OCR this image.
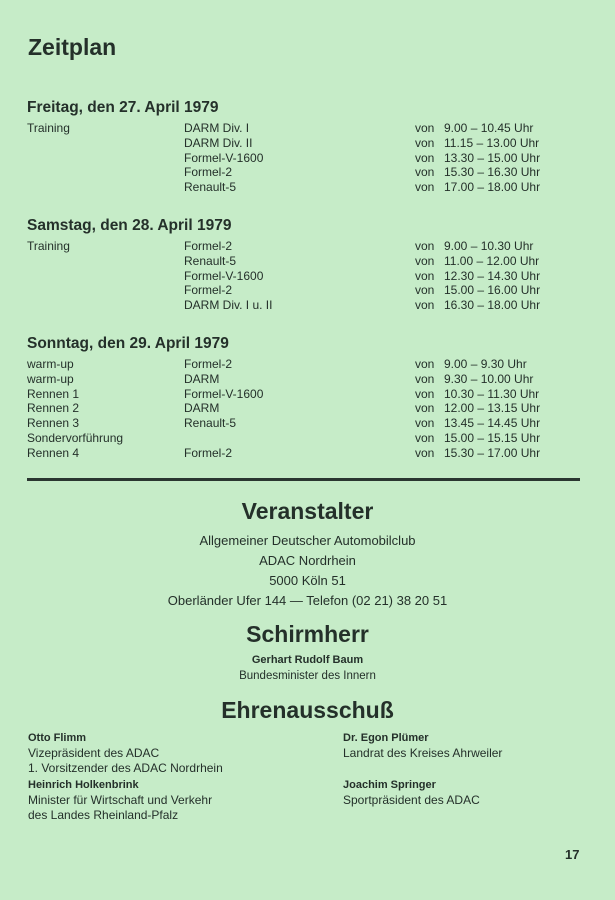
Zeitplan
Freitag, den 27. April 1979
Training	DARM Div. I	von 9.00 – 10.45 Uhr
DARM Div. II	von 11.15 – 13.00 Uhr
Formel-V-1600	von 13.30 – 15.00 Uhr
Formel-2	von 15.30 – 16.30 Uhr
Renault-5	von 17.00 – 18.00 Uhr
Samstag, den 28. April 1979
Training	Formel-2	von 9.00 – 10.30 Uhr
Renault-5	von 11.00 – 12.00 Uhr
Formel-V-1600	von 12.30 – 14.30 Uhr
Formel-2	von 15.00 – 16.00 Uhr
DARM Div. I u. II	von 16.30 – 18.00 Uhr
Sonntag, den 29. April 1979
warm-up	Formel-2	von 9.00 – 9.30 Uhr
warm-up	DARM	von 9.30 – 10.00 Uhr
Rennen 1	Formel-V-1600	von 10.30 – 11.30 Uhr
Rennen 2	DARM	von 12.00 – 13.15 Uhr
Rennen 3	Renault-5	von 13.45 – 14.45 Uhr
Sondervorführung	von 15.00 – 15.15 Uhr
Rennen 4	Formel-2	von 15.30 – 17.00 Uhr
Veranstalter
Allgemeiner Deutscher Automobilclub
ADAC Nordrhein
5000 Köln 51
Oberländer Ufer 144 — Telefon (02 21) 38 20 51
Schirmherr
Gerhart Rudolf Baum
Bundesminister des Innern
Ehrenausschuß
Otto Flimm
Vizepräsident des ADAC
1. Vorsitzender des ADAC Nordrhein
Heinrich Holkenbrink
Minister für Wirtschaft und Verkehr
des Landes Rheinland-Pfalz
Dr. Egon Plümer
Landrat des Kreises Ahrweiler
Joachim Springer
Sportpräsident des ADAC
17
